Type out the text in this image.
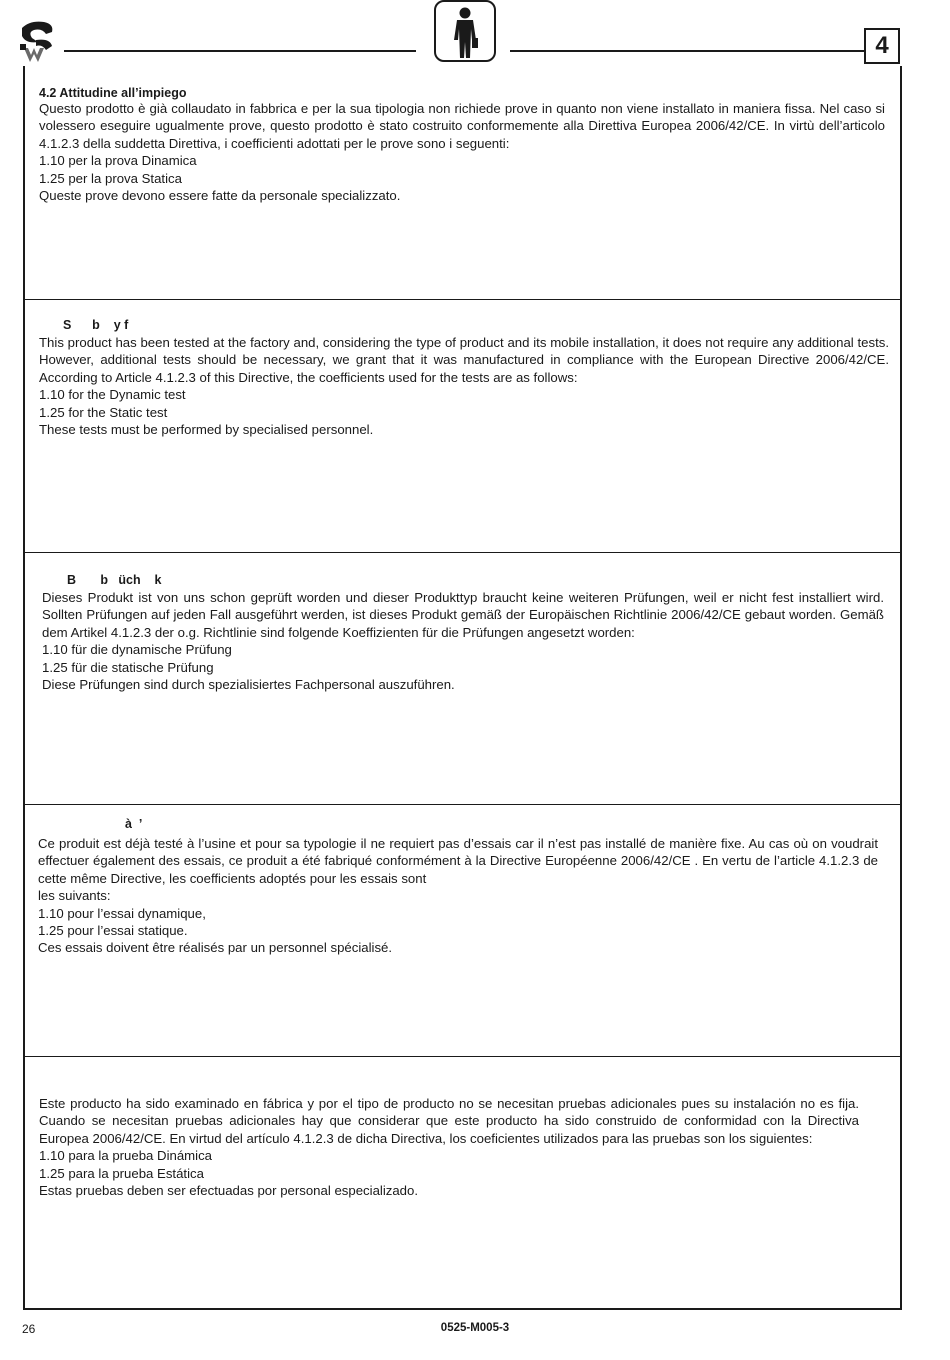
4
4.2 Attitudine all’impiego

Questo prodotto è già collaudato in fabbrica e per la sua tipologia non richiede prove in quanto non viene installato in maniera fissa. Nel caso si volessero eseguire ugualmente prove, questo prodotto è stato costruito conformemente alla Direttiva Europea 2006/42/CE. In virtù dell’articolo 4.1.2.3 della suddetta Direttiva, i coefficienti adottati per le prove sono i seguenti:

1.10 per la prova Dinamica

1.25 per la prova Statica

Queste prove devono essere fatte da personale specializzato.

S      b    y f

This product has been tested at the factory and, considering the type of product and its mobile installation, it does not require any additional tests. However, additional tests should be necessary, we grant that it was manufactured in compliance with the European Directive 2006/42/CE. According to Article 4.1.2.3 of this Directive, the coefficients used for the tests are as follows:

1.10 for the Dynamic test

1.25 for the Static test

These tests must be performed by specialised personnel.

B       b   üch    k

Dieses Produkt ist von uns schon geprüft worden und dieser Produkttyp braucht keine weiteren Prüfungen, weil er nicht fest installiert wird. Sollten Prüfungen auf jeden Fall ausgeführt werden, ist dieses Produkt gemäß der Europäischen Richtlinie 2006/42/CE gebaut worden. Gemäß dem Artikel 4.1.2.3 der o.g. Richtlinie sind folgende Koeffizienten für die Prüfungen angesetzt worden:

1.10 für die dynamische Prüfung

1.25 für die statische Prüfung

Diese Prüfungen sind durch spezialisiertes Fachpersonal auszuführen.

à  ’

Ce produit est déjà testé à l’usine et pour sa typologie il ne requiert pas d’essais car il n’est pas installé de manière fixe. Au cas où on voudrait effectuer également des essais, ce produit a été fabriqué conformément à la Directive Européenne 2006/42/CE . En vertu de l’article 4.1.2.3 de cette même Directive, les coefficients adoptés pour les essais sont

les suivants:

1.10 pour l’essai dynamique,

1.25 pour l’essai statique.

Ces essais doivent être réalisés par un personnel spécialisé.

Este producto ha sido examinado en fábrica y por el tipo de producto no se necesitan pruebas adicionales pues su instalación no es fija. Cuando se necesitan pruebas adicionales hay que considerar que este producto ha sido construido de conformidad con la Directiva Europea 2006/42/CE. En virtud del artículo 4.1.2.3 de dicha Directiva, los coeficientes utilizados para las pruebas son los siguientes:

1.10 para la prueba Dinámica

1.25 para la prueba Estática

Estas pruebas deben ser efectuadas por personal especializado.

26	0525-M005-3
